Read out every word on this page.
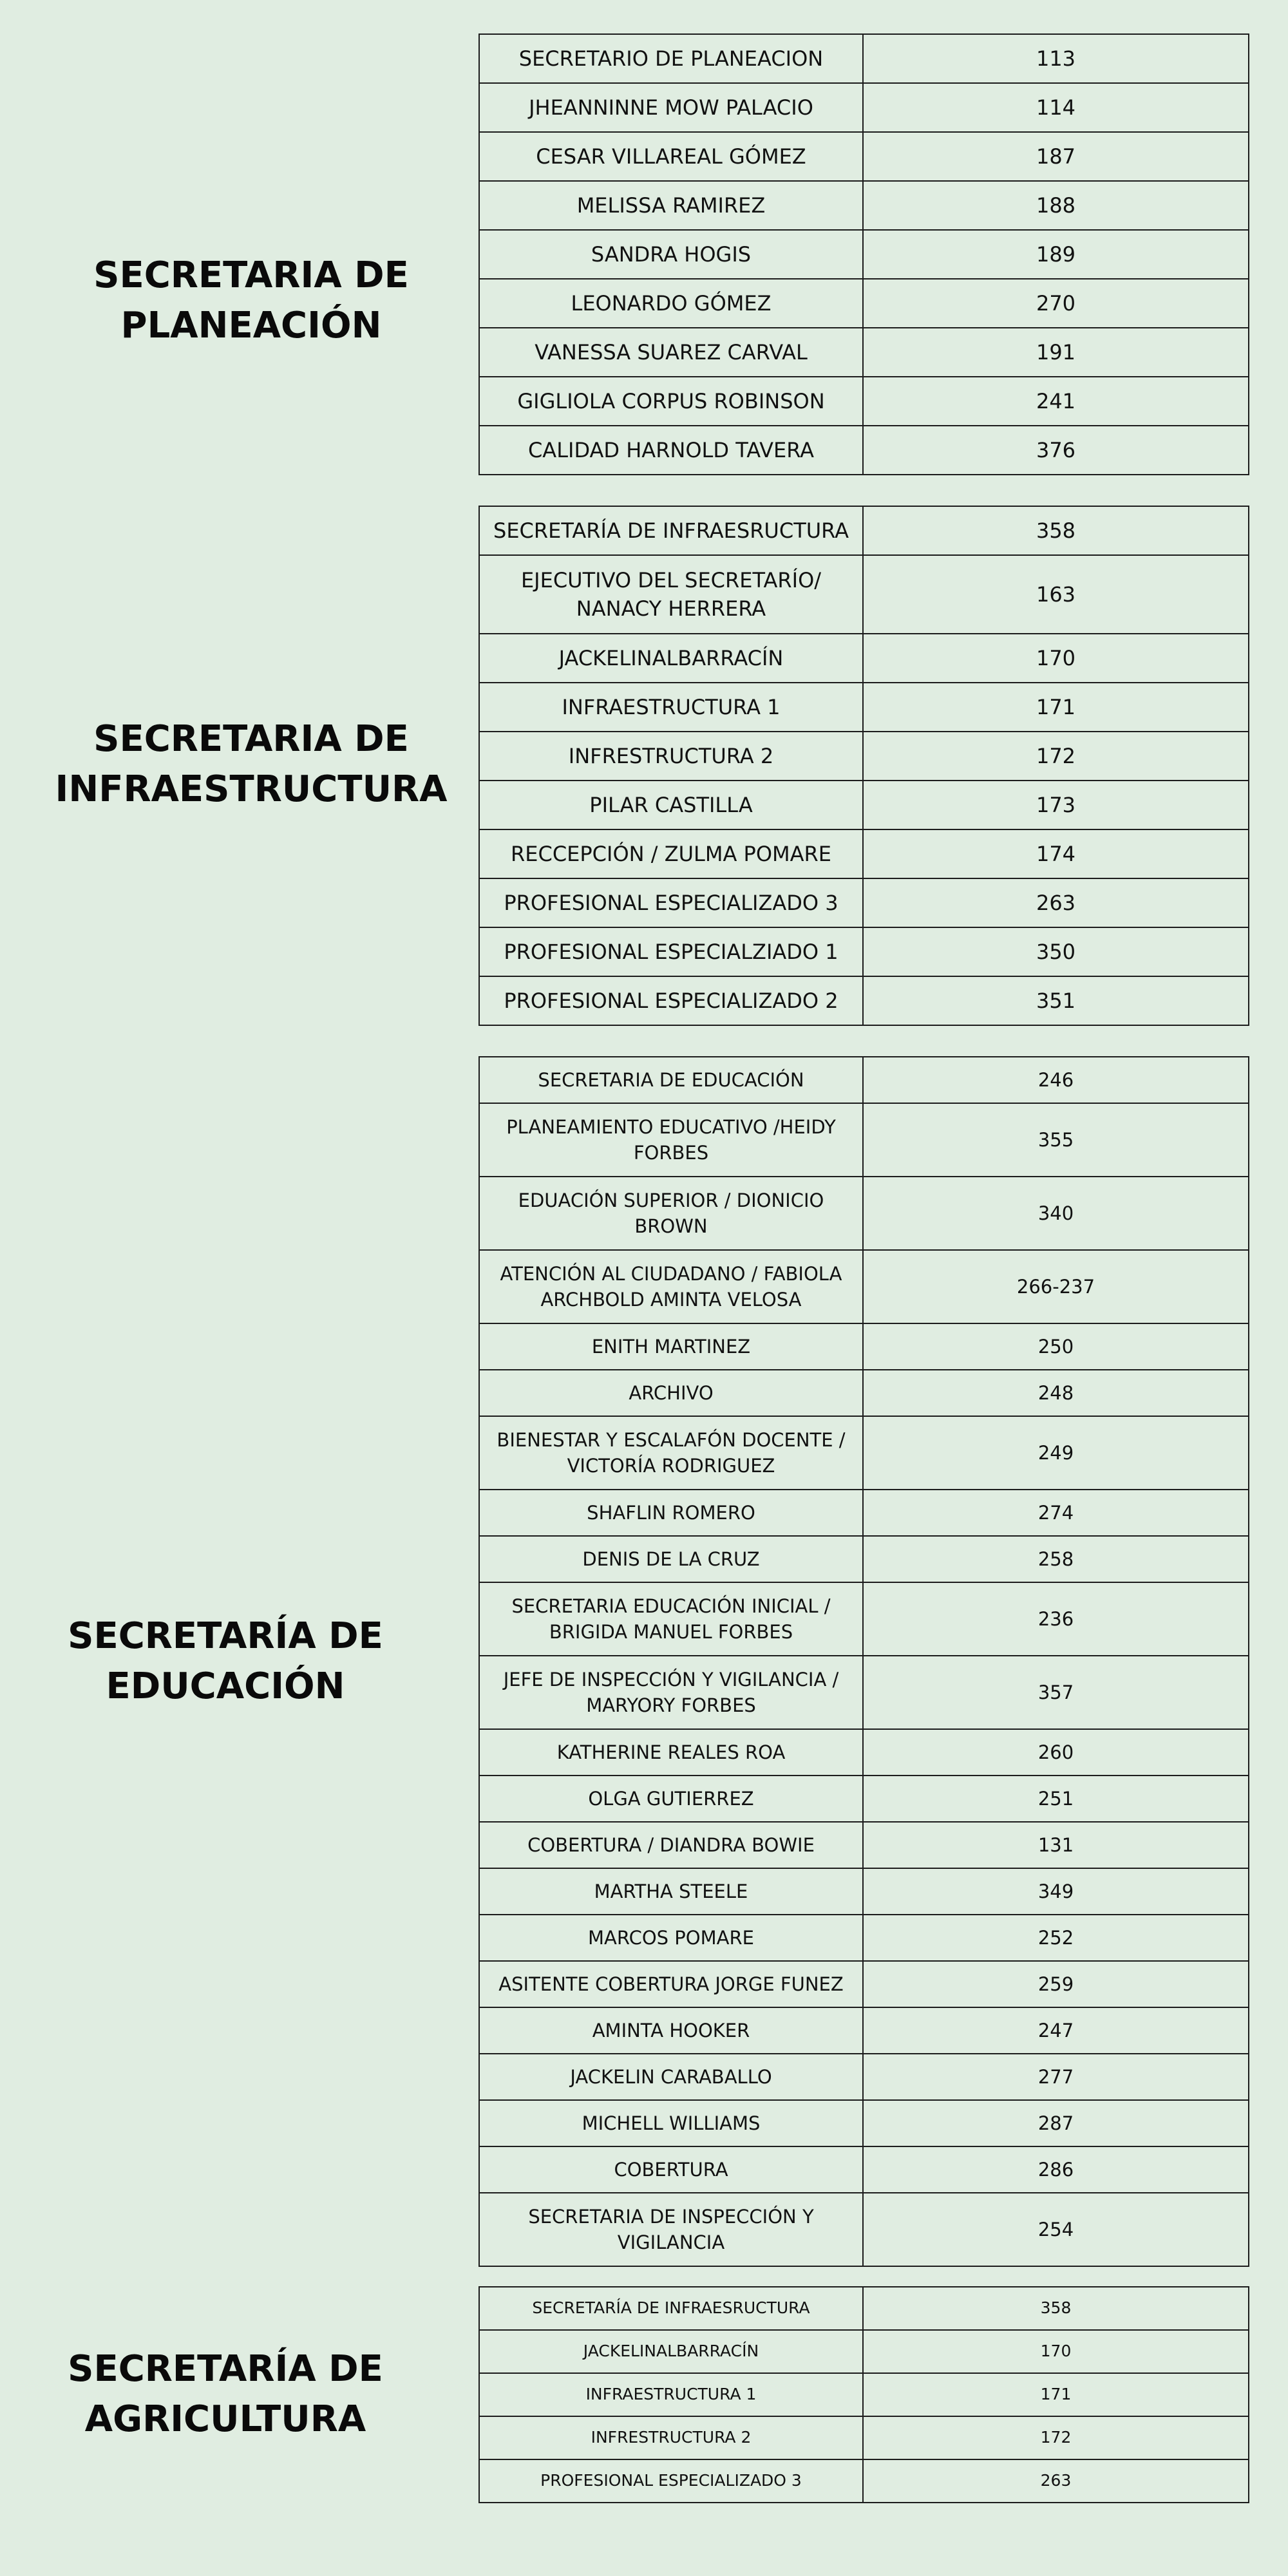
SECRETARIA DE PLANEACIÓN
SECRETARIO DE PLANEACION	113
JHEANNINNE MOW PALACIO	114
CESAR VILLAREAL GÓMEZ	187
MELISSA RAMIREZ	188
SANDRA HOGIS	189
LEONARDO GÓMEZ	270
VANESSA SUAREZ CARVAL	191
GIGLIOLA CORPUS ROBINSON	241
CALIDAD HARNOLD TAVERA	376
SECRETARIA DE INFRAESTRUCTURA
SECRETARÍA DE INFRAESRUCTURA	358
EJECUTIVO DEL SECRETARÍO/ NANACY HERRERA	163
JACKELINALBARRACÍN	170
INFRAESTRUCTURA 1	171
INFRESTRUCTURA 2	172
PILAR CASTILLA	173
RECCEPCIÓN / ZULMA POMARE	174
PROFESIONAL ESPECIALIZADO 3	263
PROFESIONAL ESPECIALZIADO 1	350
PROFESIONAL ESPECIALIZADO 2	351
SECRETARÍA DE EDUCACIÓN
SECRETARIA DE EDUCACIÓN	246
PLANEAMIENTO EDUCATIVO /HEIDY FORBES	355
EDUACIÓN SUPERIOR / DIONICIO BROWN	340
ATENCIÓN AL CIUDADANO / FABIOLA ARCHBOLD AMINTA VELOSA	266-237
ENITH MARTINEZ	250
ARCHIVO	248
BIENESTAR Y ESCALAFÓN DOCENTE / VICTORÍA RODRIGUEZ	249
SHAFLIN ROMERO	274
DENIS DE LA CRUZ	258
SECRETARIA EDUCACIÓN INICIAL / BRIGIDA MANUEL FORBES	236
JEFE DE INSPECCIÓN Y VIGILANCIA / MARYORY FORBES	357
KATHERINE REALES ROA	260
OLGA GUTIERREZ	251
COBERTURA / DIANDRA BOWIE	131
MARTHA STEELE	349
MARCOS POMARE	252
ASITENTE COBERTURA JORGE FUNEZ	259
AMINTA HOOKER	247
JACKELIN CARABALLO	277
MICHELL WILLIAMS	287
COBERTURA	286
SECRETARIA DE INSPECCIÓN Y VIGILANCIA	254
SECRETARÍA DE AGRICULTURA
SECRETARÍA DE INFRAESRUCTURA	358
JACKELINALBARRACÍN	170
INFRAESTRUCTURA 1	171
INFRESTRUCTURA 2	172
PROFESIONAL ESPECIALIZADO 3	263
